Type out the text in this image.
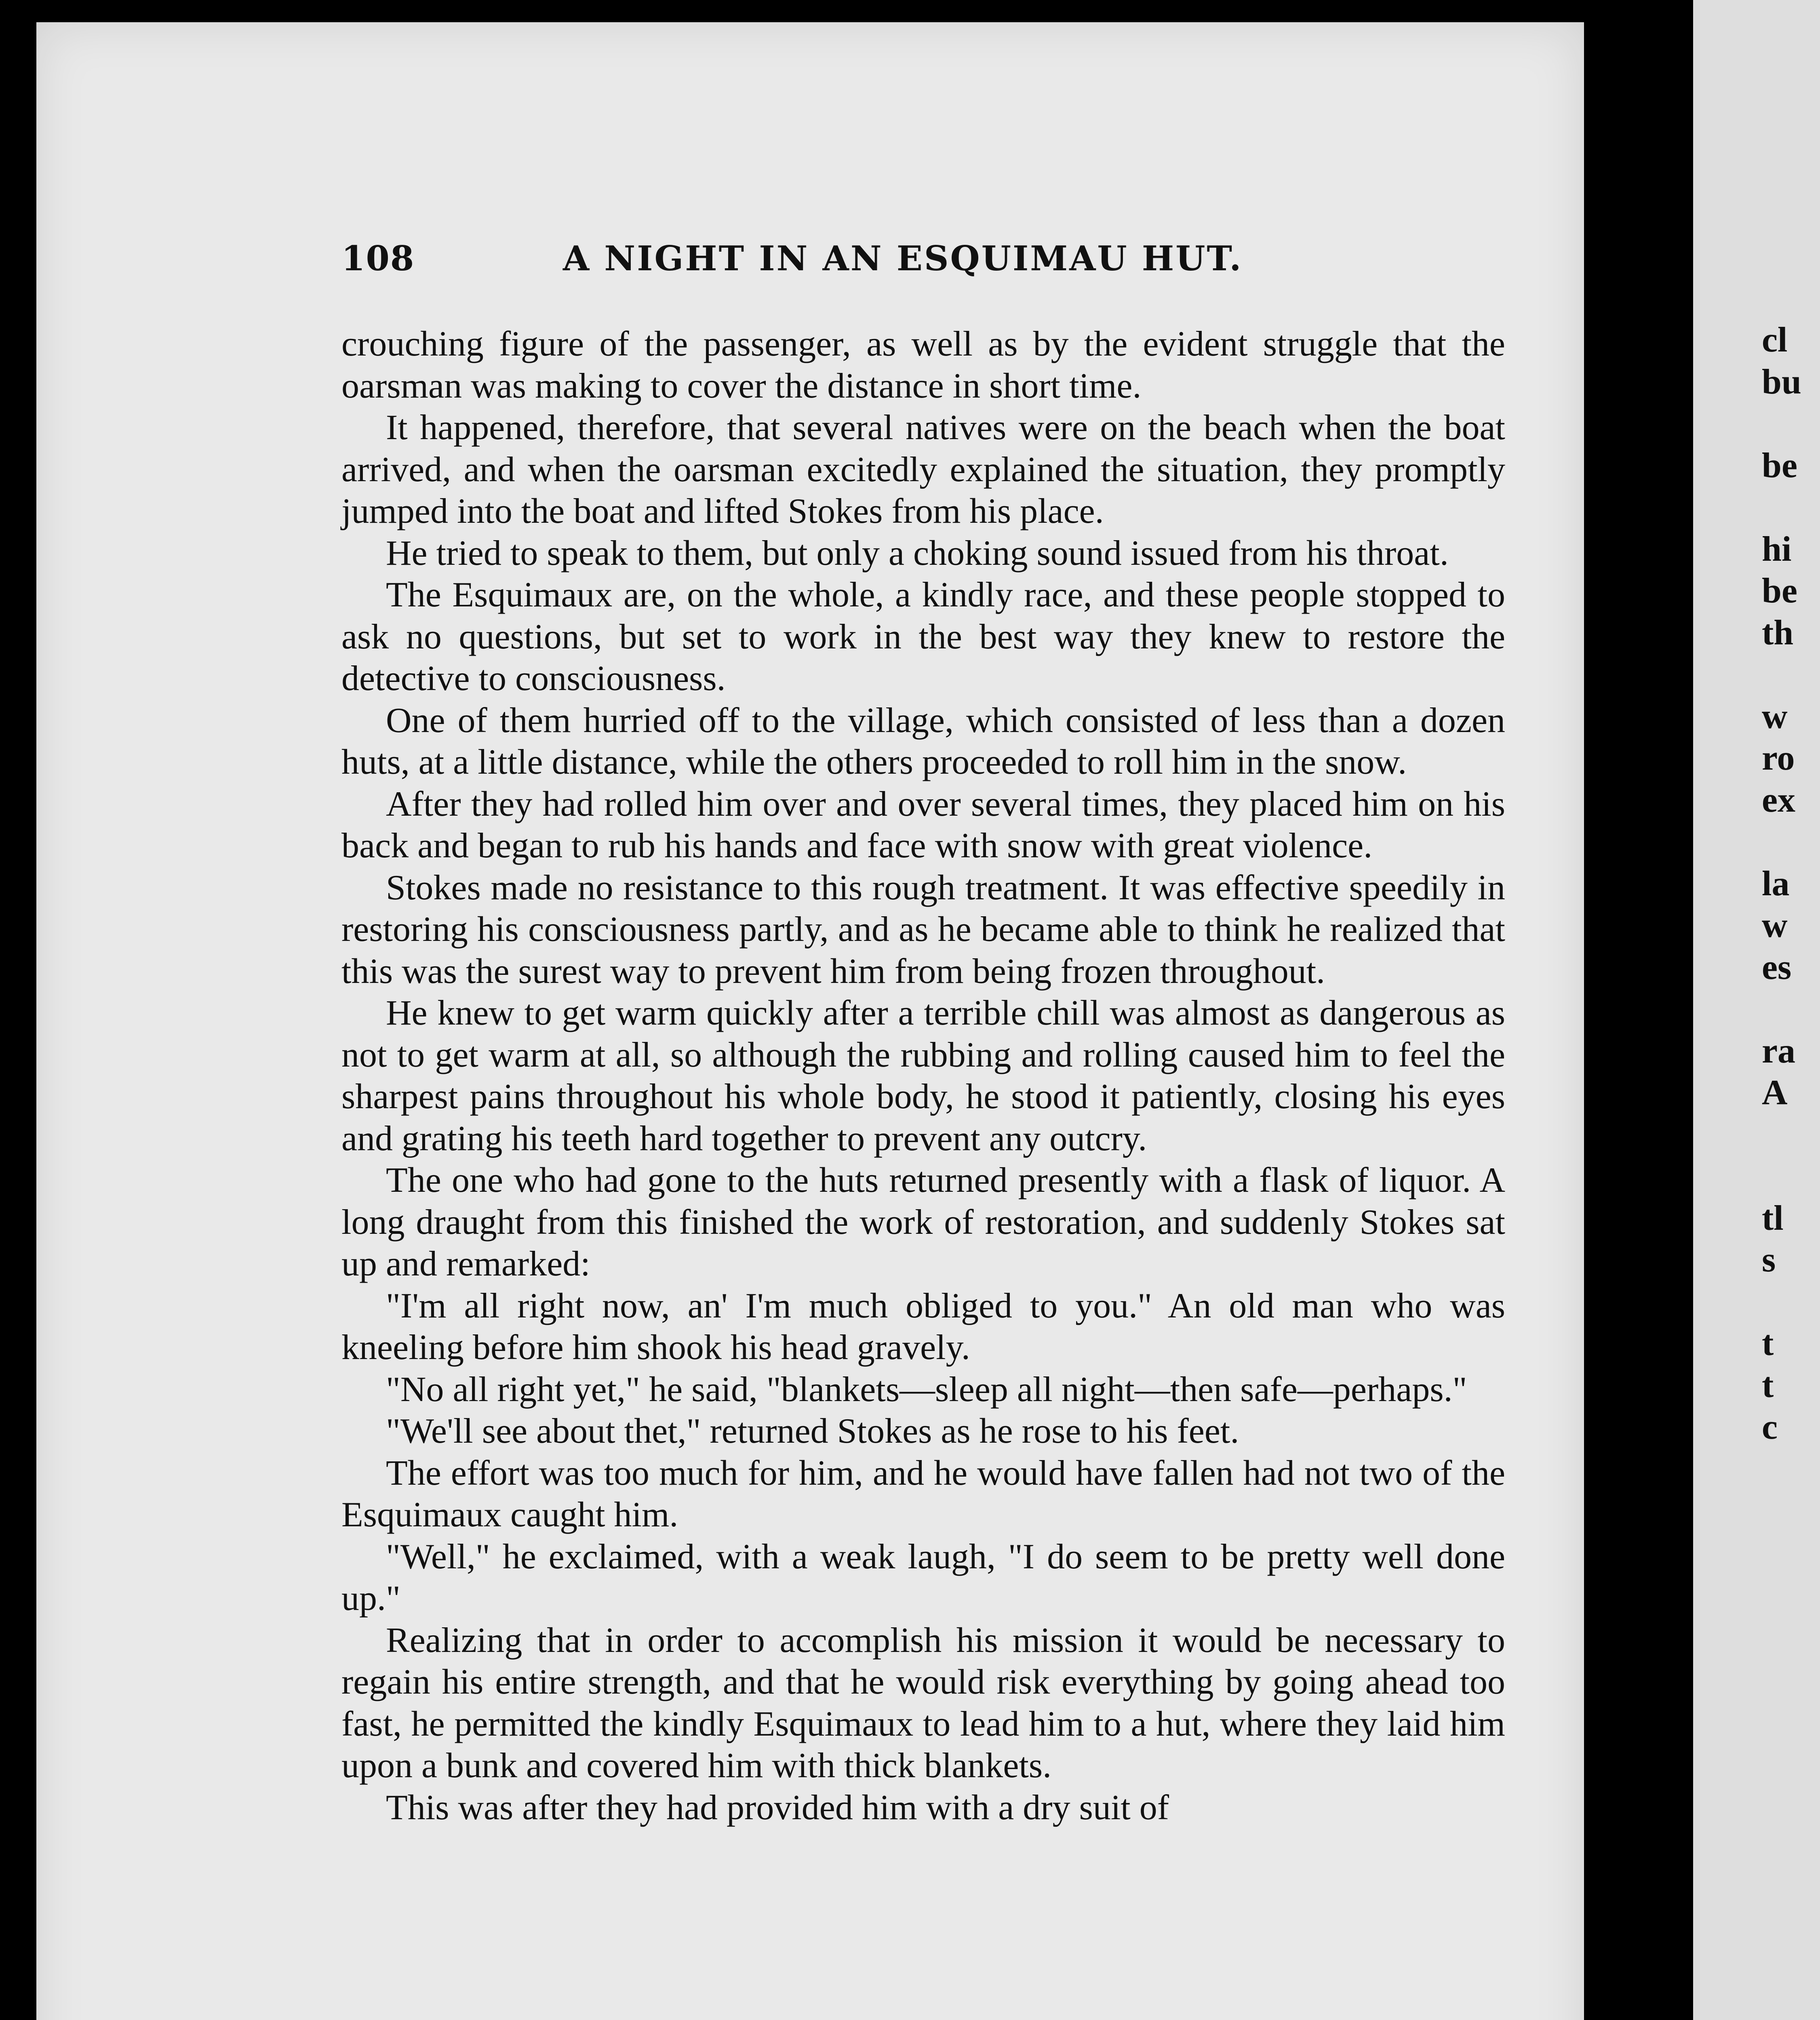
108	A NIGHT IN AN ESQUIMAU HUT.

crouching figure of the passenger, as well as by the evident struggle that the oarsman was making to cover the distance in short time.

It happened, therefore, that several natives were on the beach when the boat arrived, and when the oarsman excitedly explained the situation, they promptly jumped into the boat and lifted Stokes from his place.

He tried to speak to them, but only a choking sound issued from his throat.

The Esquimaux are, on the whole, a kindly race, and these people stopped to ask no questions, but set to work in the best way they knew to restore the detective to consciousness.

One of them hurried off to the village, which consisted of less than a dozen huts, at a little distance, while the others proceeded to roll him in the snow.

After they had rolled him over and over several times, they placed him on his back and began to rub his hands and face with snow with great violence.

Stokes made no resistance to this rough treatment. It was effective speedily in restoring his consciousness partly, and as he became able to think he realized that this was the surest way to prevent him from being frozen throughout.

He knew to get warm quickly after a terrible chill was almost as dangerous as not to get warm at all, so although the rubbing and rolling caused him to feel the sharpest pains throughout his whole body, he stood it patiently, closing his eyes and grating his teeth hard together to prevent any outcry.

The one who had gone to the huts returned presently with a flask of liquor. A long draught from this finished the work of restoration, and suddenly Stokes sat up and remarked:

"I'm all right now, an' I'm much obliged to you." An old man who was kneeling before him shook his head gravely.

"No all right yet," he said, "blankets—sleep all night—then safe—perhaps."

"We'll see about thet," returned Stokes as he rose to his feet.

The effort was too much for him, and he would have fallen had not two of the Esquimaux caught him.

"Well," he exclaimed, with a weak laugh, "I do seem to be pretty well done up."

Realizing that in order to accomplish his mission it would be necessary to regain his entire strength, and that he would risk everything by going ahead too fast, he permitted the kindly Esquimaux to lead him to a hut, where they laid him upon a bunk and covered him with thick blankets.

This was after they had provided him with a dry suit of

cl
bu
be
hi
be
th
w
ro
ex
la
w
es
ra
A
tl
s
t
t
c
